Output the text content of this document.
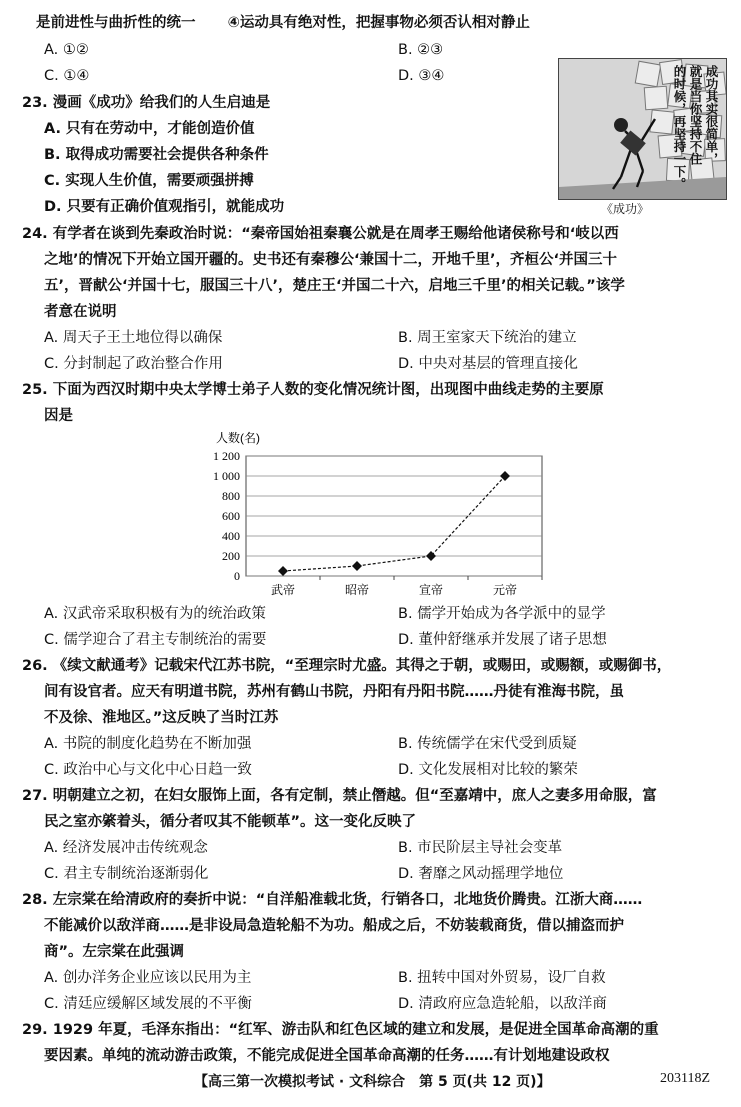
是前进性与曲折性的统一 ④运动具有绝对性，把握事物必须否认相对静止
A. ①②	B. ②③
C. ①④	D. ③④
23. 漫画《成功》给我们的人生启迪是
A. 只有在劳动中，才能创造价值
B. 取得成功需要社会提供各种条件
C. 实现人生价值，需要顽强拼搏
D. 只要有正确价值观指引，就能成功
成功其实很简单，
就是当你坚持不住
的时候，再坚持一下。
《成功》
24. 有学者在谈到先秦政治时说：“秦帝国始祖秦襄公就是在周孝王赐给他诸侯称号和‘岐以西
之地’的情况下开始立国开疆的。史书还有秦穆公‘兼国十二，开地千里’，齐桓公‘并国三十
五’，晋献公‘并国十七，服国三十八’，楚庄王‘并国二十六，启地三千里’的相关记载。”该学
者意在说明
A. 周天子王土地位得以确保	B. 周王室家天下统治的建立
C. 分封制起了政治整合作用	D. 中央对基层的管理直接化
25. 下面为西汉时期中央太学博士弟子人数的变化情况统计图，出现图中曲线走势的主要原
因是
人数(名)
0
200
400
600
800
1 000
1 200
武帝	昭帝	宣帝	元帝
A. 汉武帝采取积极有为的统治政策	B. 儒学开始成为各学派中的显学
C. 儒学迎合了君主专制统治的需要	D. 董仲舒继承并发展了诸子思想
26. 《续文献通考》记载宋代江苏书院，“至理宗时尤盛。其得之于朝，或赐田，或赐额，或赐御书，
间有设官者。应天有明道书院，苏州有鹤山书院，丹阳有丹阳书院……丹徒有淮海书院，虽
不及徐、淮地区。”这反映了当时江苏
A. 书院的制度化趋势在不断加强	B. 传统儒学在宋代受到质疑
C. 政治中心与文化中心日趋一致	D. 文化发展相对比较的繁荣
27. 明朝建立之初，在妇女服饰上面，各有定制，禁止僭越。但“至嘉靖中，庶人之妻多用命服，富
民之室亦綮着头，循分者叹其不能顿革”。这一变化反映了
A. 经济发展冲击传统观念	B. 市民阶层主导社会变革
C. 君主专制统治逐渐弱化	D. 奢靡之风动摇理学地位
28. 左宗棠在给清政府的奏折中说：“自洋船准载北货，行销各口，北地货价腾贵。江浙大商……
不能减价以敌洋商……是非设局急造轮船不为功。船成之后，不妨装载商货，借以捕盗而护
商”。左宗棠在此强调
A. 创办洋务企业应该以民用为主	B. 扭转中国对外贸易，设厂自救
C. 清廷应缓解区域发展的不平衡	D. 清政府应急造轮船，以敌洋商
29. 1929 年夏，毛泽东指出：“红军、游击队和红色区域的建立和发展，是促进全国革命高潮的重
要因素。单纯的流动游击政策，不能完成促进全国革命高潮的任务……有计划地建设政权
【高三第一次模拟考试 · 文科综合　第 5 页(共 12 页)】	203118Z
